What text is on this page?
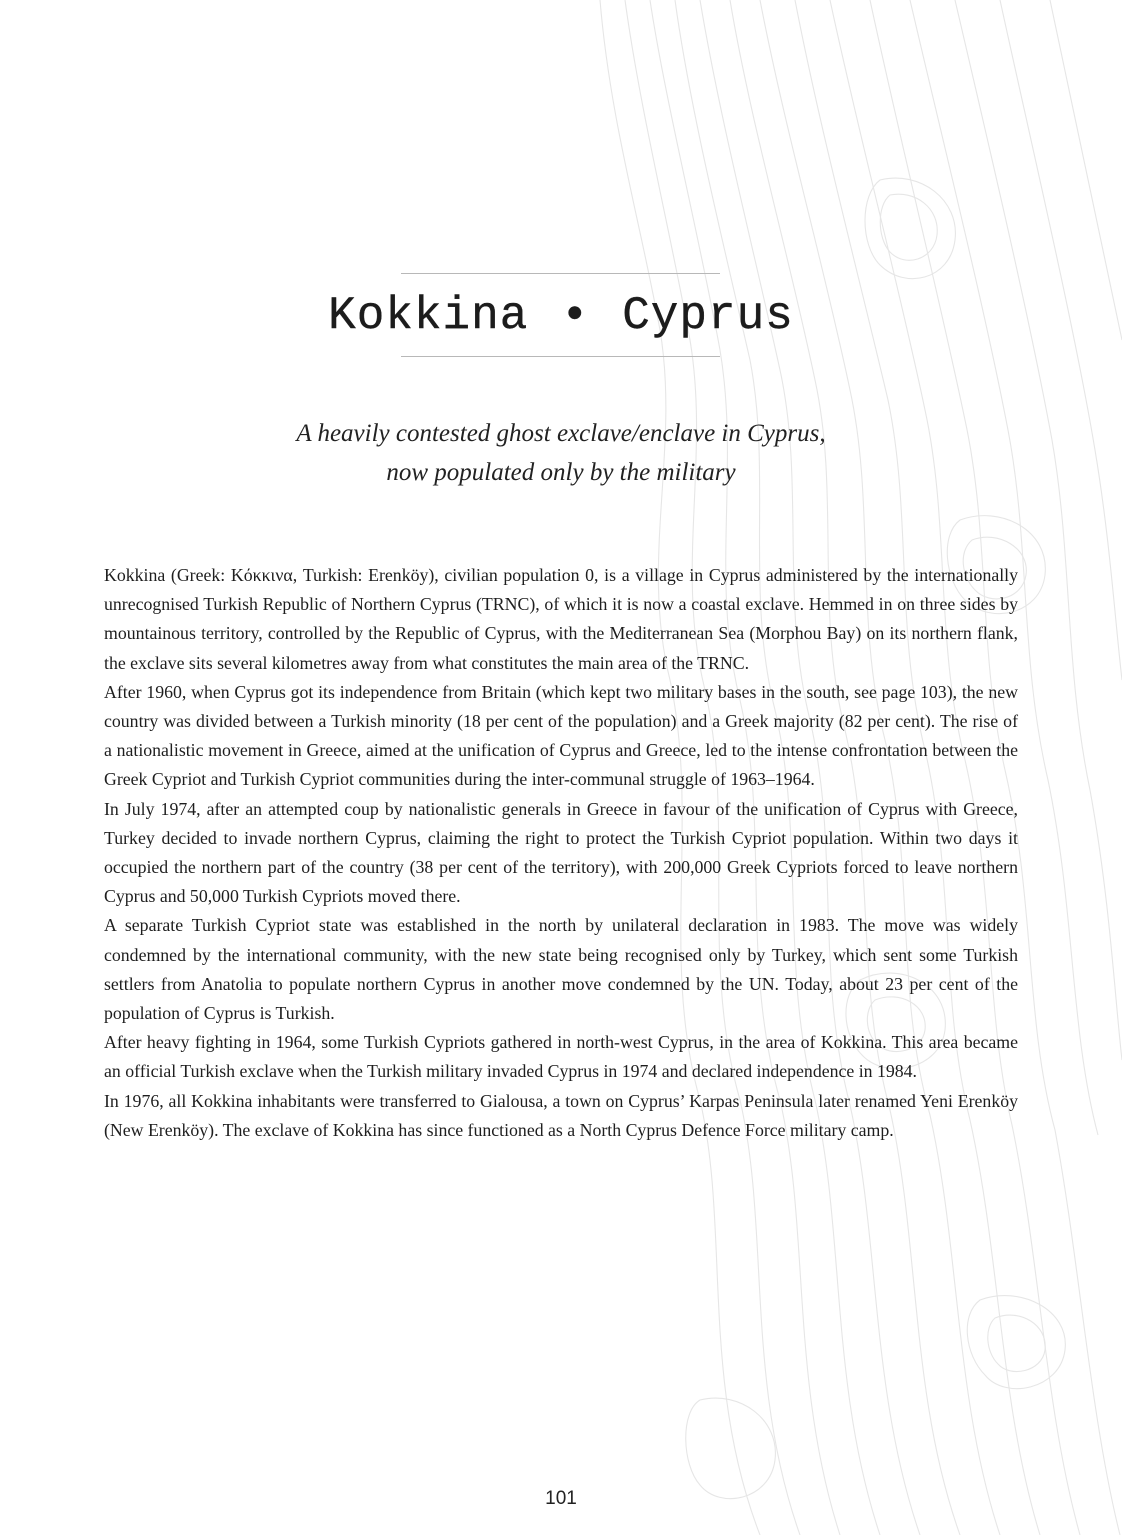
Kokkina • Cyprus
A heavily contested ghost exclave/enclave in Cyprus,
now populated only by the military

Kokkina (Greek: Κόκκινα, Turkish: Erenköy), civilian population 0, is a village in Cyprus administered by the internationally unrecognised Turkish Republic of Northern Cyprus (TRNC), of which it is now a coastal exclave. Hemmed in on three sides by mountainous territory, controlled by the Republic of Cyprus, with the Mediterranean Sea (Morphou Bay) on its northern flank, the exclave sits several kilometres away from what constitutes the main area of the TRNC.

After 1960, when Cyprus got its independence from Britain (which kept two military bases in the south, see page 103), the new country was divided between a Turkish minority (18 per cent of the population) and a Greek majority (82 per cent). The rise of a nationalistic movement in Greece, aimed at the unification of Cyprus and Greece, led to the intense confrontation between the Greek Cypriot and Turkish Cypriot communities during the inter-communal struggle of 1963–1964.

In July 1974, after an attempted coup by nationalistic generals in Greece in favour of the unification of Cyprus with Greece, Turkey decided to invade northern Cyprus, claiming the right to protect the Turkish Cypriot population. Within two days it occupied the northern part of the country (38 per cent of the territory), with 200,000 Greek Cypriots forced to leave northern Cyprus and 50,000 Turkish Cypriots moved there.

A separate Turkish Cypriot state was established in the north by unilateral declaration in 1983. The move was widely condemned by the international community, with the new state being recognised only by Turkey, which sent some Turkish settlers from Anatolia to populate northern Cyprus in another move condemned by the UN. Today, about 23 per cent of the population of Cyprus is Turkish.

After heavy fighting in 1964, some Turkish Cypriots gathered in north-west Cyprus, in the area of Kokkina. This area became an official Turkish exclave when the Turkish military invaded Cyprus in 1974 and declared independence in 1984.

In 1976, all Kokkina inhabitants were transferred to Gialousa, a town on Cyprus’ Karpas Peninsula later renamed Yeni Erenköy (New Erenköy). The exclave of Kokkina has since functioned as a North Cyprus Defence Force military camp.

101
